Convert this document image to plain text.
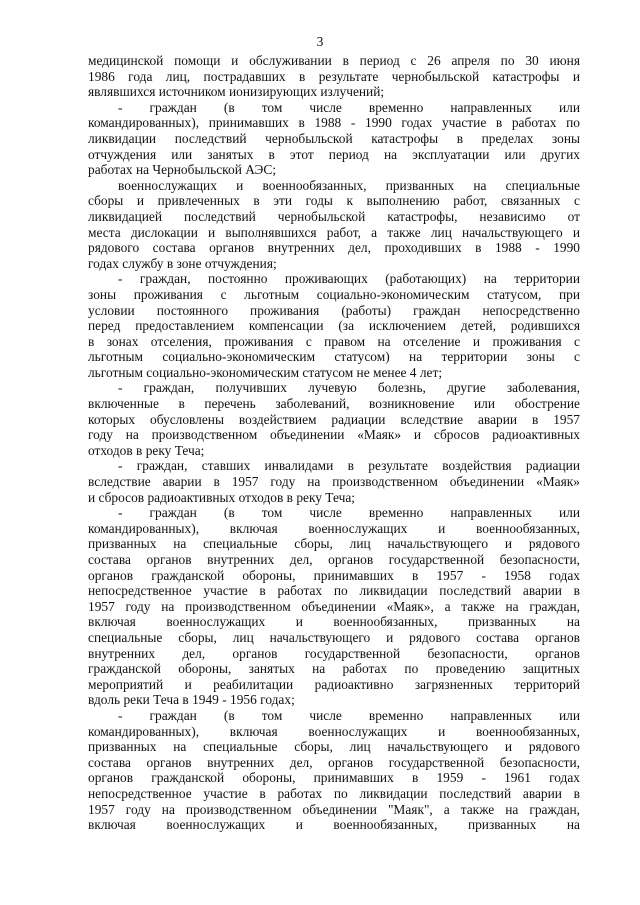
3
медицинской помощи и обслуживании в период с 26 апреля по 30 июня
1986 года лиц, пострадавших в результате чернобыльской катастрофы и
являвшихся источником ионизирующих излучений;
- граждан (в том числе временно направленных или
командированных), принимавших в 1988 - 1990 годах участие в работах по
ликвидации последствий чернобыльской катастрофы в пределах зоны
отчуждения или занятых в этот период на эксплуатации или других
работах на Чернобыльской АЭС;
военнослужащих и военнообязанных, призванных на специальные
сборы и привлеченных в эти годы к выполнению работ, связанных с
ликвидацией последствий чернобыльской катастрофы, независимо от
места дислокации и выполнявшихся работ, а также лиц начальствующего и
рядового состава органов внутренних дел, проходивших в 1988 - 1990
годах службу в зоне отчуждения;
- граждан, постоянно проживающих (работающих) на территории
зоны проживания с льготным социально-экономическим статусом, при
условии постоянного проживания (работы) граждан непосредственно
перед предоставлением компенсации (за исключением детей, родившихся
в зонах отселения, проживания с правом на отселение и проживания с
льготным социально-экономическим статусом) на территории зоны с
льготным социально-экономическим статусом не менее 4 лет;
- граждан, получивших лучевую болезнь, другие заболевания,
включенные в перечень заболеваний, возникновение или обострение
которых обусловлены воздействием радиации вследствие аварии в 1957
году на производственном объединении «Маяк» и сбросов радиоактивных
отходов в реку Теча;
- граждан, ставших инвалидами в результате воздействия радиации
вследствие аварии в 1957 году на производственном объединении «Маяк»
и сбросов радиоактивных отходов в реку Теча;
- граждан (в том числе временно направленных или
командированных), включая военнослужащих и военнообязанных,
призванных на специальные сборы, лиц начальствующего и рядового
состава органов внутренних дел, органов государственной безопасности,
органов гражданской обороны, принимавших в 1957 - 1958 годах
непосредственное участие в работах по ликвидации последствий аварии в
1957 году на производственном объединении «Маяк», а также на граждан,
включая военнослужащих и военнообязанных, призванных на
специальные сборы, лиц начальствующего и рядового состава органов
внутренних дел, органов государственной безопасности, органов
гражданской обороны, занятых на работах по проведению защитных
мероприятий и реабилитации радиоактивно загрязненных территорий
вдоль реки Теча в 1949 - 1956 годах;
- граждан (в том числе временно направленных или
командированных), включая военнослужащих и военнообязанных,
призванных на специальные сборы, лиц начальствующего и рядового
состава органов внутренних дел, органов государственной безопасности,
органов гражданской обороны, принимавших в 1959 - 1961 годах
непосредственное участие в работах по ликвидации последствий аварии в
1957 году на производственном объединении "Маяк", а также на граждан,
включая военнослужащих и военнообязанных, призванных на
